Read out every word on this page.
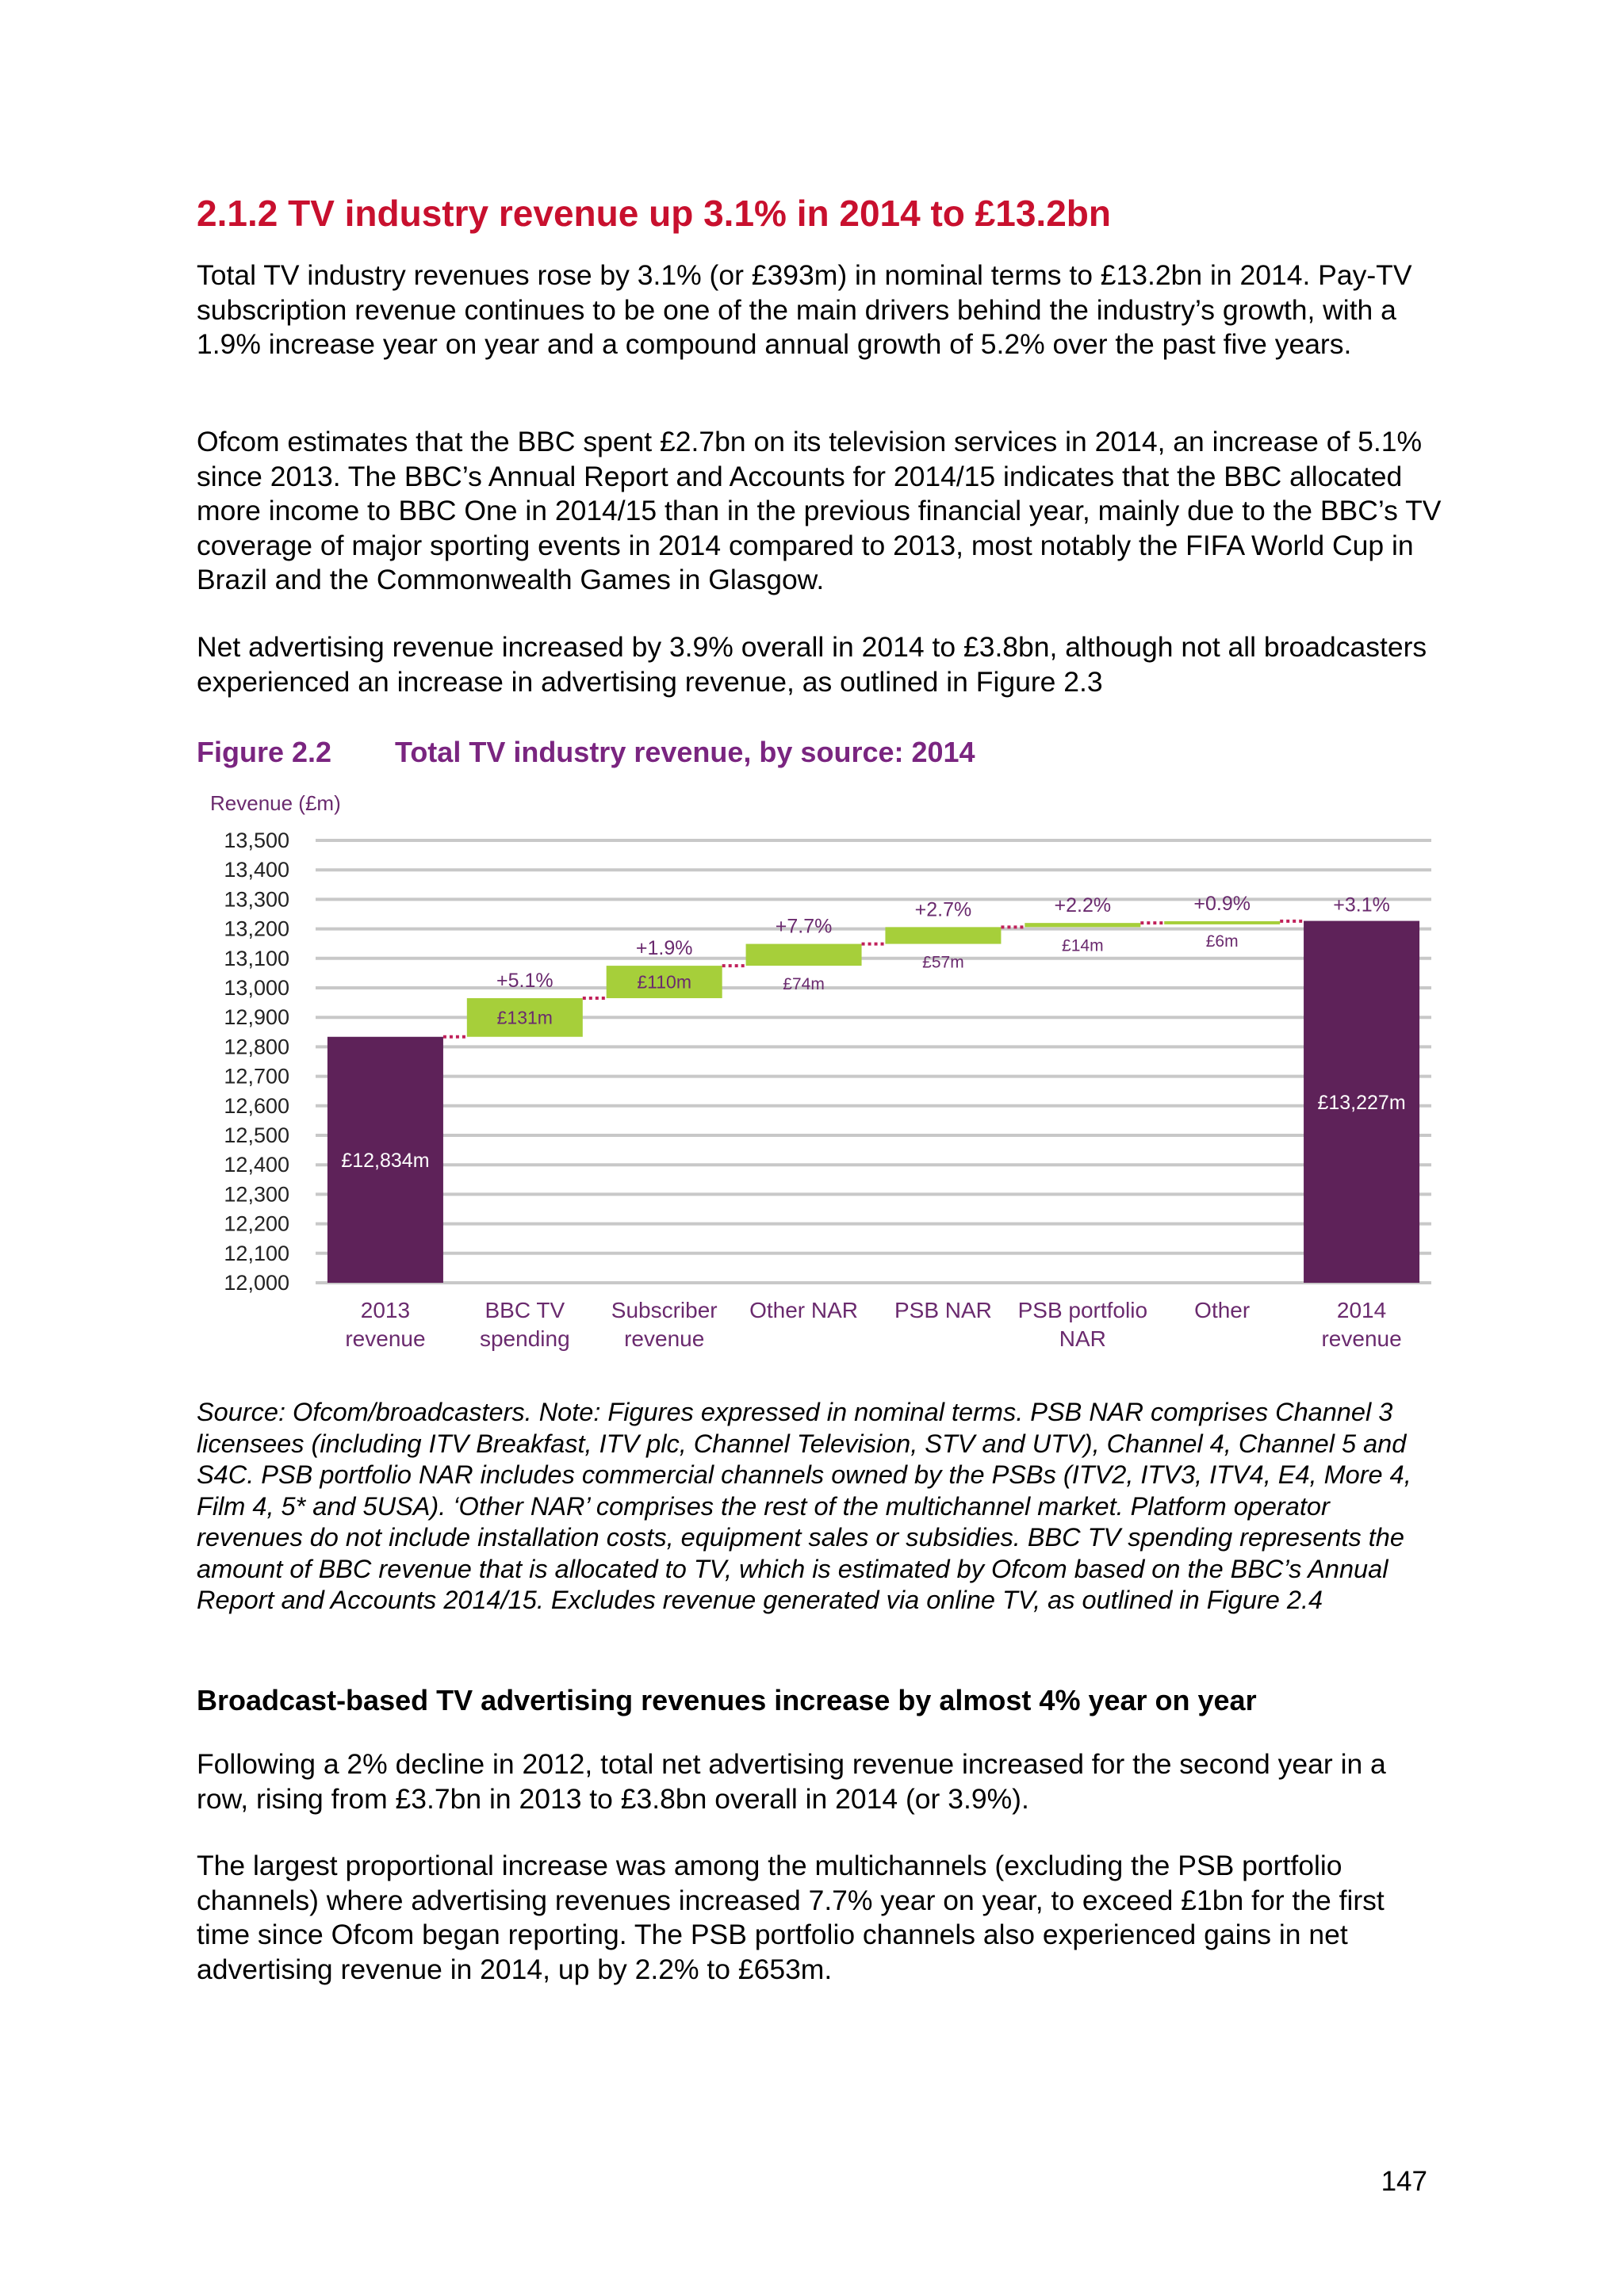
2.1.2 TV industry revenue up 3.1% in 2014 to £13.2bn

Total TV industry revenues rose by 3.1% (or £393m) in nominal terms to £13.2bn in 2014. Pay-TV subscription revenue continues to be one of the main drivers behind the industry’s growth, with a 1.9% increase year on year and a compound annual growth of 5.2% over the past five years.

Ofcom estimates that the BBC spent £2.7bn on its television services in 2014, an increase of 5.1% since 2013. The BBC’s Annual Report and Accounts for 2014/15 indicates that the BBC allocated more income to BBC One in 2014/15 than in the previous financial year, mainly due to the BBC’s TV coverage of major sporting events in 2014 compared to 2013, most notably the FIFA World Cup in Brazil and the Commonwealth Games in Glasgow.

Net advertising revenue increased by 3.9% overall in 2014 to £3.8bn, although not all broadcasters experienced an increase in advertising revenue, as outlined in Figure 2.3

Figure 2.2 Total TV industry revenue, by source: 2014

Revenue (£m)
12,000
12,100
12,200
12,300
12,400
12,500
12,600
12,700
12,800
12,900
13,000
13,100
13,200
13,300
13,400
13,500
£12,834m
£131m
+5.1%	£110m
+1.9%
£74m
+7.7%
£57m
+2.7%
£14m
+2.2%
£6m
+0.9%
£13,227m
+3.1%
2013
revenue
BBC TV
spending
Subscriber
revenue
Other NAR PSB NAR PSB portfolio
NAR
Other	2014
revenue

Source: Ofcom/broadcasters. Note: Figures expressed in nominal terms. PSB NAR comprises Channel 3 licensees (including ITV Breakfast, ITV plc, Channel Television, STV and UTV), Channel 4, Channel 5 and S4C. PSB portfolio NAR includes commercial channels owned by the PSBs (ITV2, ITV3, ITV4, E4, More 4, Film 4, 5* and 5USA). ‘Other NAR’ comprises the rest of the multichannel market. Platform operator revenues do not include installation costs, equipment sales or subsidies. BBC TV spending represents the amount of BBC revenue that is allocated to TV, which is estimated by Ofcom based on the BBC’s Annual Report and Accounts 2014/15. Excludes revenue generated via online TV, as outlined in Figure 2.4

Broadcast-based TV advertising revenues increase by almost 4% year on year

Following a 2% decline in 2012, total net advertising revenue increased for the second year in a row, rising from £3.7bn in 2013 to £3.8bn overall in 2014 (or 3.9%).

The largest proportional increase was among the multichannels (excluding the PSB portfolio channels) where advertising revenues increased 7.7% year on year, to exceed £1bn for the first time since Ofcom began reporting. The PSB portfolio channels also experienced gains in net advertising revenue in 2014, up by 2.2% to £653m.

147
